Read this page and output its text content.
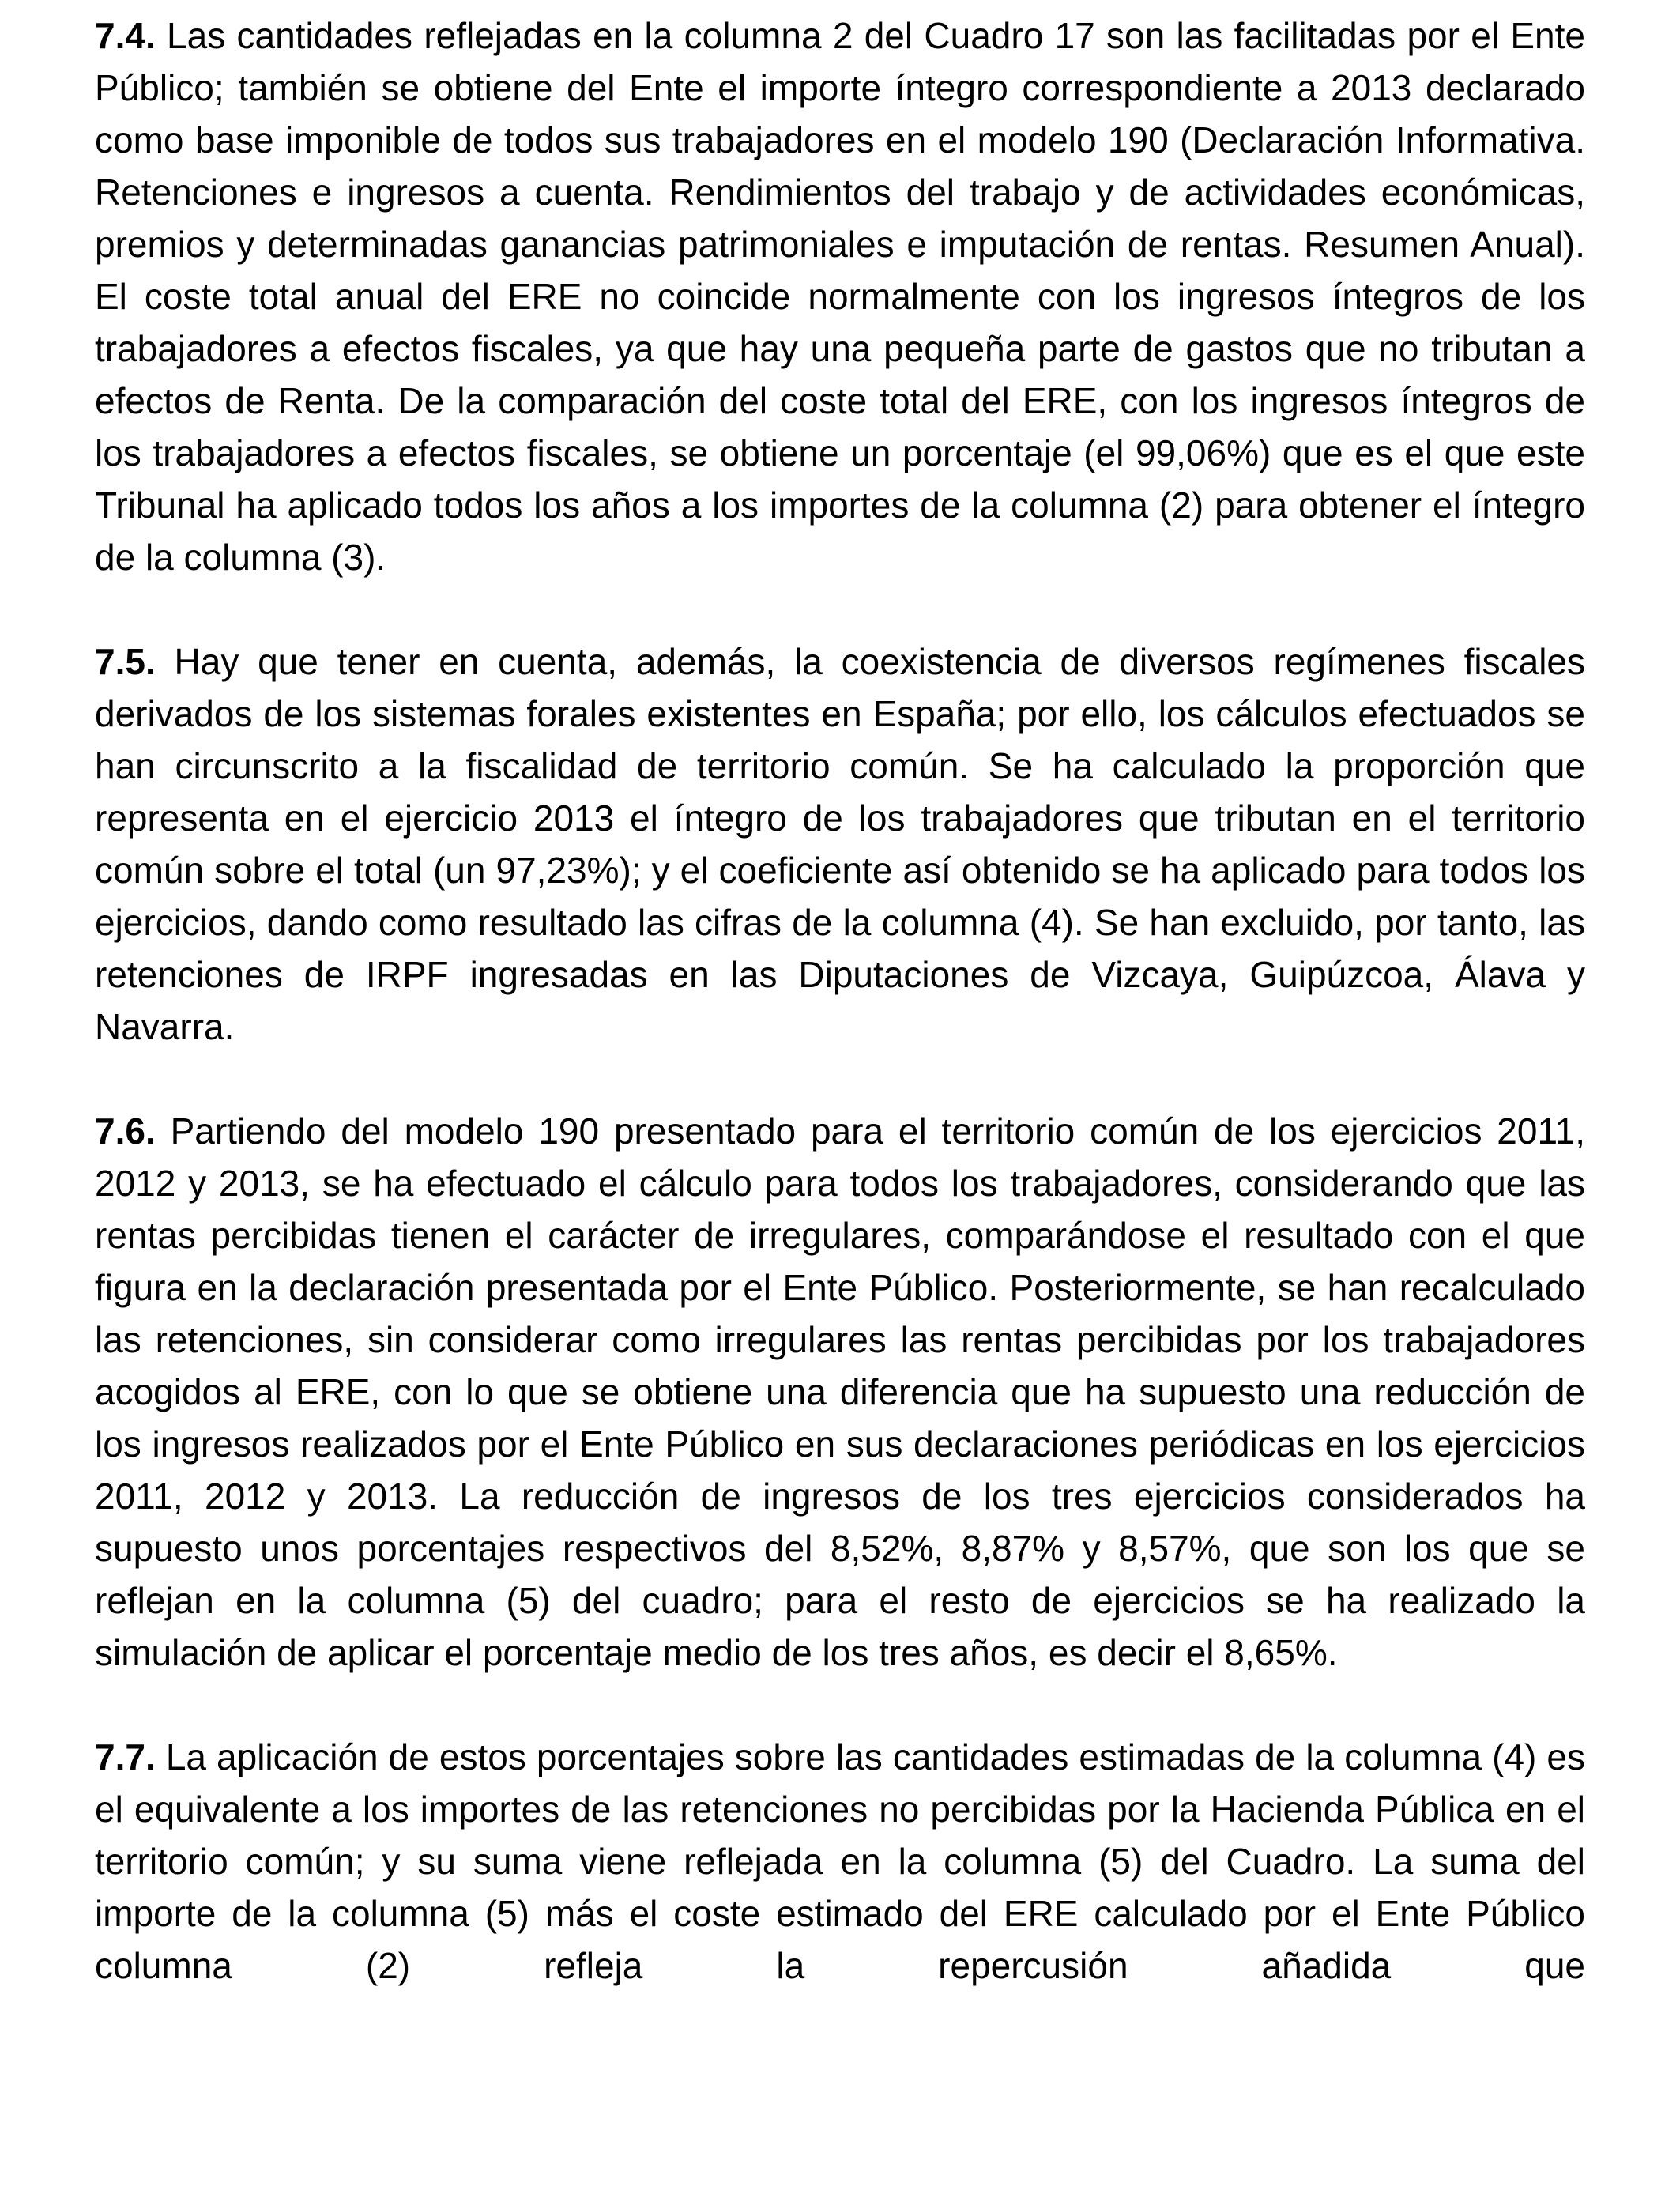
7.4. Las cantidades reflejadas en la columna 2 del Cuadro 17 son las facilitadas por el Ente Público; también se obtiene del Ente el importe íntegro correspondiente a 2013 declarado como base imponible de todos sus trabajadores en el modelo 190 (Declaración Informativa. Retenciones e ingresos a cuenta. Rendimientos del trabajo y de actividades económicas, premios y determinadas ganancias patrimoniales e imputación de rentas. Resumen Anual). El coste total anual del ERE no coincide normalmente con los ingresos íntegros de los trabajadores a efectos fiscales, ya que hay una pequeña parte de gastos que no tributan a efectos de Renta. De la comparación del coste total del ERE, con los ingresos íntegros de los trabajadores a efectos fiscales, se obtiene un porcentaje (el 99,06%) que es el que este Tribunal ha aplicado todos los años a los importes de la columna (2) para obtener el íntegro de la columna (3).

7.5. Hay que tener en cuenta, además, la coexistencia de diversos regímenes fiscales derivados de los sistemas forales existentes en España; por ello, los cálculos efectuados se han circunscrito a la fiscalidad de territorio común. Se ha calculado la proporción que representa en el ejercicio 2013 el íntegro de los trabajadores que tributan en el territorio común sobre el total (un 97,23%); y el coeficiente así obtenido se ha aplicado para todos los ejercicios, dando como resultado las cifras de la columna (4). Se han excluido, por tanto, las retenciones de IRPF ingresadas en las Diputaciones de Vizcaya, Guipúzcoa, Álava y Navarra.

7.6. Partiendo del modelo 190 presentado para el territorio común de los ejercicios 2011, 2012 y 2013, se ha efectuado el cálculo para todos los trabajadores, considerando que las rentas percibidas tienen el carácter de irregulares, comparándose el resultado con el que figura en la declaración presentada por el Ente Público. Posteriormente, se han recalculado las retenciones, sin considerar como irregulares las rentas percibidas por los trabajadores acogidos al ERE, con lo que se obtiene una diferencia que ha supuesto una reducción de los ingresos realizados por el Ente Público en sus declaraciones periódicas en los ejercicios 2011, 2012 y 2013. La reducción de ingresos de los tres ejercicios considerados ha supuesto unos porcentajes respectivos del 8,52%, 8,87% y 8,57%, que son los que se reflejan en la columna (5) del cuadro; para el resto de ejercicios se ha realizado la simulación de aplicar el porcentaje medio de los tres años, es decir el 8,65%.

7.7. La aplicación de estos porcentajes sobre las cantidades estimadas de la columna (4) es el equivalente a los importes de las retenciones no percibidas por la Hacienda Pública en el territorio común; y su suma viene reflejada en la columna (5) del Cuadro. La suma del importe de la columna (5) más el coste estimado del ERE calculado por el Ente Público columna (2) refleja la repercusión añadida que
